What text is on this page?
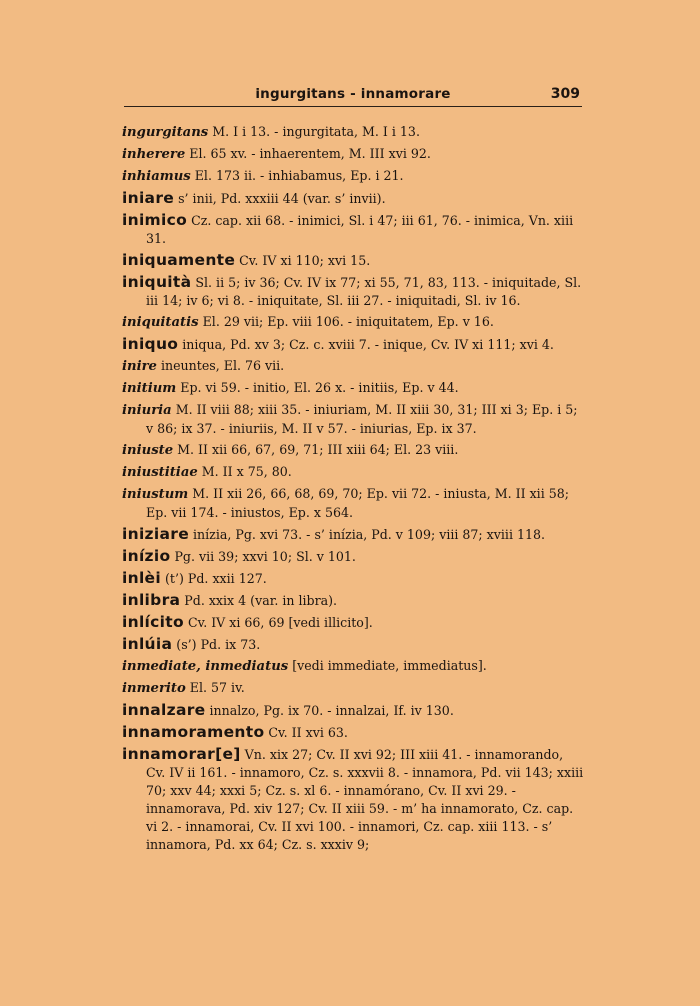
ingurgitans - innamorare	309

ingurgitans M. I i 13. - ingurgitata, M. I i 13.

inherere El. 65 xv. - inhaerentem, M. III xvi 92.

inhiamus El. 173 ii. - inhiabamus, Ep. i 21.

iniare s’ inii, Pd. xxxiii 44 (var. s’ invii).

inimico Cz. cap. xii 68. - inimici, Sl. i 47; iii 61, 76. - inimica, Vn. xiii 31.

iniquamente Cv. IV xi 110; xvi 15.

iniquità Sl. ii 5; iv 36; Cv. IV ix 77; xi 55, 71, 83, 113. - iniquitade, Sl. iii 14; iv 6; vi 8. - iniquitate, Sl. iii 27. - iniquitadi, Sl. iv 16.

iniquitatis El. 29 vii; Ep. viii 106. - iniquitatem, Ep. v 16.

iniquo iniqua, Pd. xv 3; Cz. c. xviii 7. - inique, Cv. IV xi 111; xvi 4.

inire ineuntes, El. 76 vii.

initium Ep. vi 59. - initio, El. 26 x. - initiis, Ep. v 44.

iniuria M. II viii 88; xiii 35. - iniuriam, M. II xiii 30, 31; III xi 3; Ep. i 5; v 86; ix 37. - iniuriis, M. II v 57. - iniurias, Ep. ix 37.

iniuste M. II xii 66, 67, 69, 71; III xiii 64; El. 23 viii.

iniustitiae M. II x 75, 80.

iniustum M. II xii 26, 66, 68, 69, 70; Ep. vii 72. - iniusta, M. II xii 58; Ep. vii 174. - iniustos, Ep. x 564.

iniziare inízia, Pg. xvi 73. - s’ inízia, Pd. v 109; viii 87; xviii 118.

inízio Pg. vii 39; xxvi 10; Sl. v 101.

inlèi (t’) Pd. xxii 127.

inlibra Pd. xxix 4 (var. in libra).

inlícito Cv. IV xi 66, 69 [vedi illicito].

inlúia (s’) Pd. ix 73.

inmediate, inmediatus [vedi immediate, immediatus].

inmerito El. 57 iv.

innalzare innalzo, Pg. ix 70. - innalzai, If. iv 130.

innamoramento Cv. II xvi 63.

innamorar[e] Vn. xix 27; Cv. II xvi 92; III xiii 41. - innamorando, Cv. IV ii 161. - innamoro, Cz. s. xxxvii 8. - innamora, Pd. vii 143; xxiii 70; xxv 44; xxxi 5; Cz. s. xl 6. - innamórano, Cv. II xvi 29. - innamorava, Pd. xiv 127; Cv. II xiii 59. - m’ ha innamorato, Cz. cap. vi 2. - innamorai, Cv. II xvi 100. - innamori, Cz. cap. xiii 113. - s’ innamora, Pd. xx 64; Cz. s. xxxiv 9;
